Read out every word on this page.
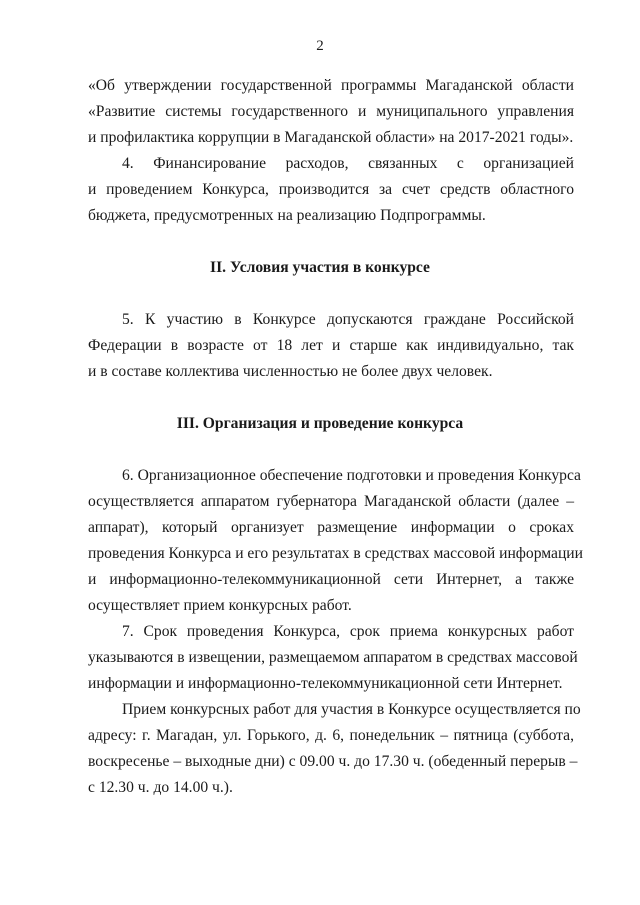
2
«Об утверждении государственной программы Магаданской области
«Развитие системы государственного и муниципального управления
и профилактика коррупции в Магаданской области» на 2017-2021 годы».
4. Финансирование расходов, связанных с организацией
и проведением Конкурса, производится за счет средств областного
бюджета, предусмотренных на реализацию Подпрограммы.
II. Условия участия в конкурсе
5. К участию в Конкурсе допускаются граждане Российской
Федерации в возрасте от 18 лет и старше как индивидуально, так
и в составе коллектива численностью не более двух человек.
III. Организация и проведение конкурса
6. Организационное обеспечение подготовки и проведения Конкурса
осуществляется аппаратом губернатора Магаданской области (далее –
аппарат), который организует размещение информации о сроках
проведения Конкурса и его результатах в средствах массовой информации
и информационно-телекоммуникационной сети Интернет, а также
осуществляет прием конкурсных работ.
7. Срок проведения Конкурса, срок приема конкурсных работ
указываются в извещении, размещаемом аппаратом в средствах массовой
информации и информационно-телекоммуникационной сети Интернет.
Прием конкурсных работ для участия в Конкурсе осуществляется по
адресу: г. Магадан, ул. Горького, д. 6, понедельник – пятница (суббота,
воскресенье – выходные дни) с 09.00 ч. до 17.30 ч. (обеденный перерыв –
с 12.30 ч. до 14.00 ч.).
